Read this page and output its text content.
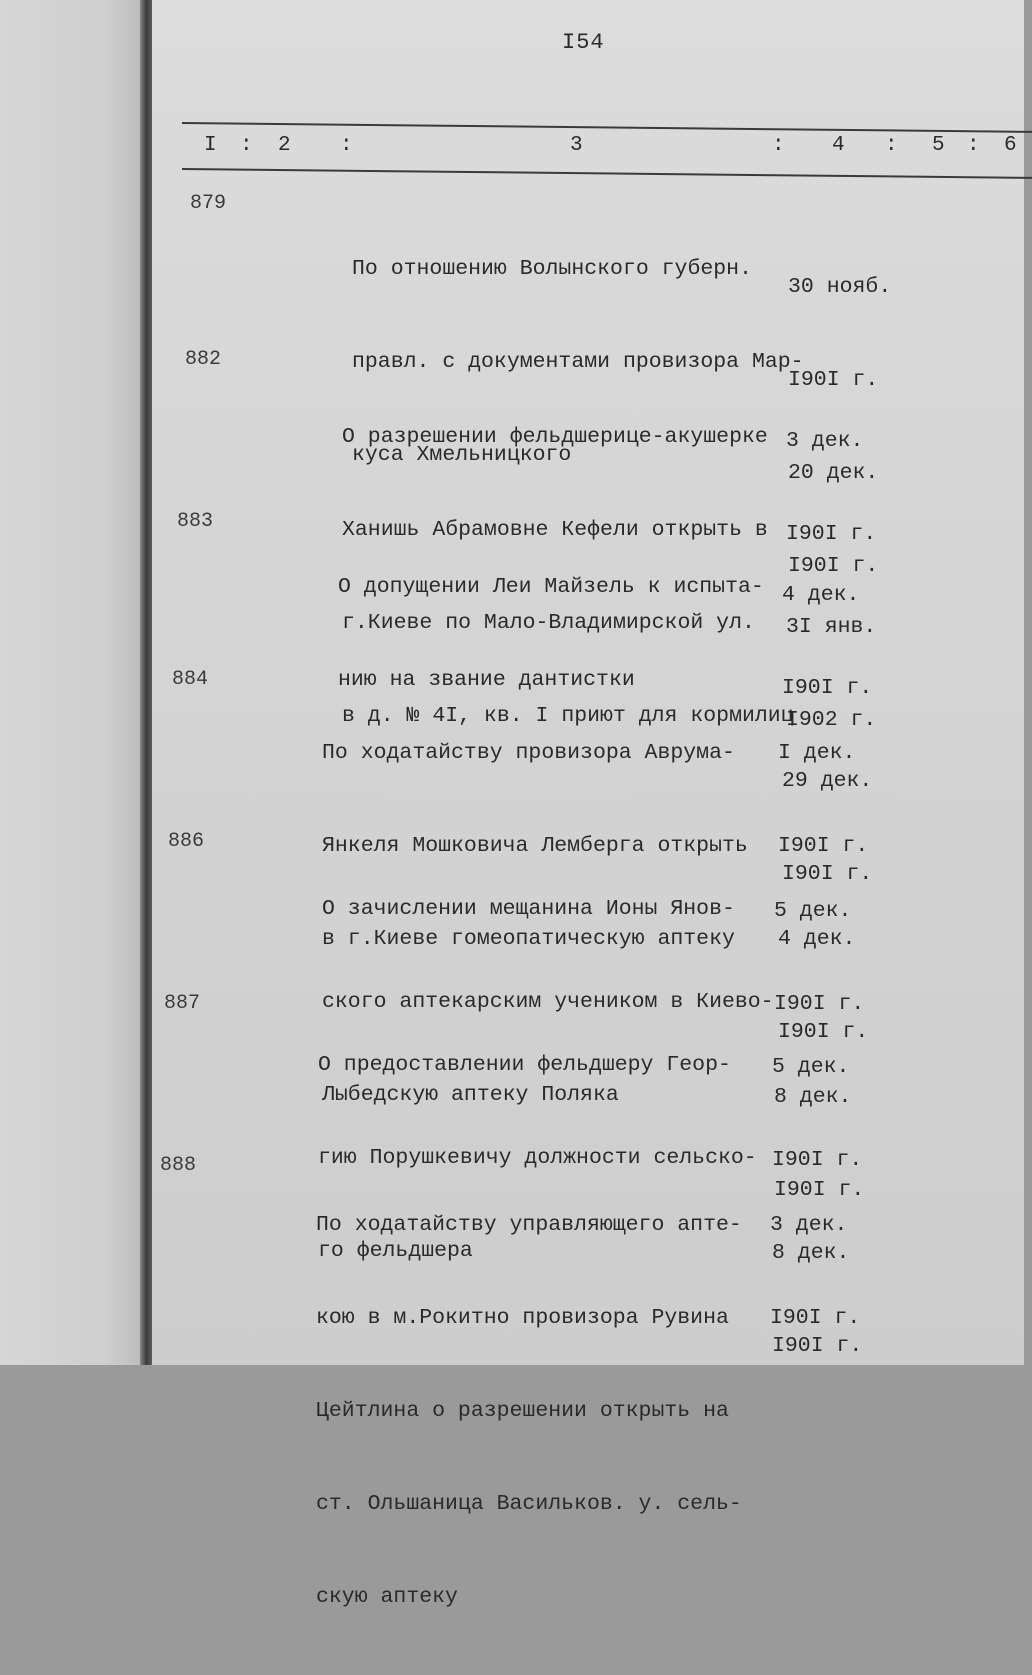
I54
I : 2 :	3	: 4 : 5 : 6
879

По отношению Волынского губерн.

правл. с документами провизора Мар-

куса Хмельницкого

30 нояб.

I90I г.

20 дек.

I90I г.

882

О разрешении фельдшерице-акушерке

Ханишь Абрамовне Кефели открыть в

г.Киеве по Мало-Владимирской ул.

в д. № 4I, кв. I приют для кормилиц

3 дек.

I90I г.

3I янв.

I902 г.

883

О допущении Леи Майзель к испыта-

нию на звание дантистки

4 дек.

I90I г.

29 дек.

I90I г.

884

По ходатайству провизора Аврума-

Янкеля Мошковича Лемберга открыть

в г.Киеве гомеопатическую аптеку

I дек.

I90I г.

4 дек.

I90I г.

886

О зачислении мещанина Ионы Янов-

ского аптекарским учеником в Киево-

Лыбедскую аптеку Поляка

5 дек.

I90I г.

8 дек.

I90I г.

887

О предоставлении фельдшеру Геор-

гию Порушкевичу должности сельско-

го фельдшера

5 дек.

I90I г.

8 дек.

I90I г.

888

По ходатайству управляющего апте-

кою в м.Рокитно провизора Рувина

Цейтлина о разрешении открыть на

ст. Ольшаница Васильков. у. сель-

скую аптеку

3 дек.

I90I г.
